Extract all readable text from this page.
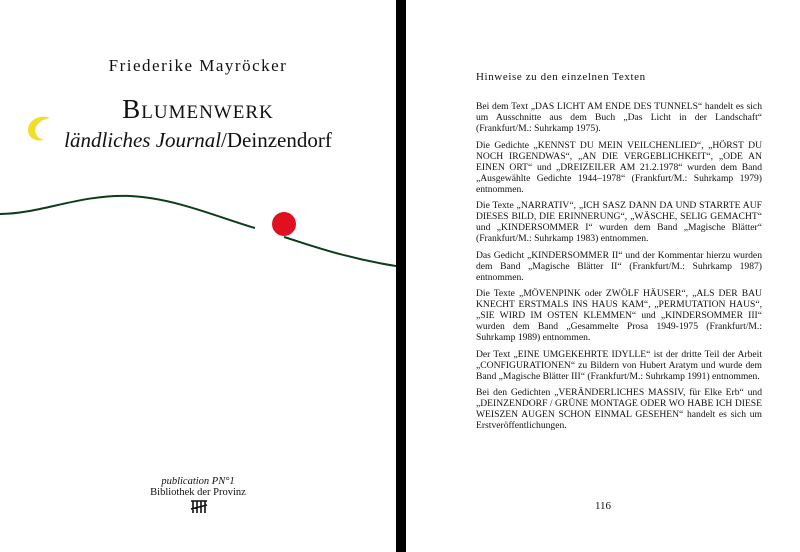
Friederike Mayröcker
Blumenwerk
ländliches Journal/Deinzendorf
publication PN°1
Bibliothek der Provinz
Hinweise zu den einzelnen Texten

Bei dem Text „DAS LICHT AM ENDE DES TUNNELS“ handelt es sich um Ausschnitte aus dem Buch „Das Licht in der Landschaft“ (Frankfurt/M.: Suhrkamp 1975).

Die Gedichte „KENNST DU MEIN VEILCHENLIED“, „HÖRST DU NOCH IRGENDWAS“, „AN DIE VERGEBLICHKEIT“, „ODE AN EINEN ORT“ und „DREIZEILER AM 21.2.1978“ wurden dem Band „Ausgewählte Gedichte 1944–1978“ (Frankfurt/M.: Suhrkamp 1979) entnommen.

Die Texte „NARRATIV“, „ICH SASZ DANN DA UND STARRTE AUF DIESES BILD, DIE ERINNERUNG“, „WÄSCHE, SELIG GEMACHT“ und „KINDERSOMMER I“ wurden dem Band „Magische Blätter“ (Frankfurt/M.: Suhrkamp 1983) entnommen.

Das Gedicht „KINDERSOMMER II“ und der Kommentar hierzu wurden dem Band „Magische Blätter II“ (Frankfurt/M.: Suhrkamp 1987) entnommen.

Die Texte „MÖVENPINK oder ZWÖLF HÄUSER“, „ALS DER BAU KNECHT ERSTMALS INS HAUS KAM“, „PERMUTATION HAUS“, „SIE WIRD IM OSTEN KLEMMEN“ und „KINDERSOMMER III“ wurden dem Band „Gesammelte Prosa 1949-1975 (Frankfurt/M.: Suhrkamp 1989) entnommen.

Der Text „EINE UMGEKEHRTE IDYLLE“ ist der dritte Teil der Arbeit „CONFIGURATIONEN“ zu Bildern von Hubert Aratym und wurde dem Band „Magische Blätter III“ (Frankfurt/M.: Suhrkamp 1991) entnommen.

Bei den Gedichten „VERÄNDERLICHES MASSIV, für Elke Erb“ und „DEINZENDORF / GRÜNE MONTAGE ODER WO HABE ICH DIESE WEISZEN AUGEN SCHON EINMAL GESEHEN“ handelt es sich um Erstveröffentlichungen.

116
